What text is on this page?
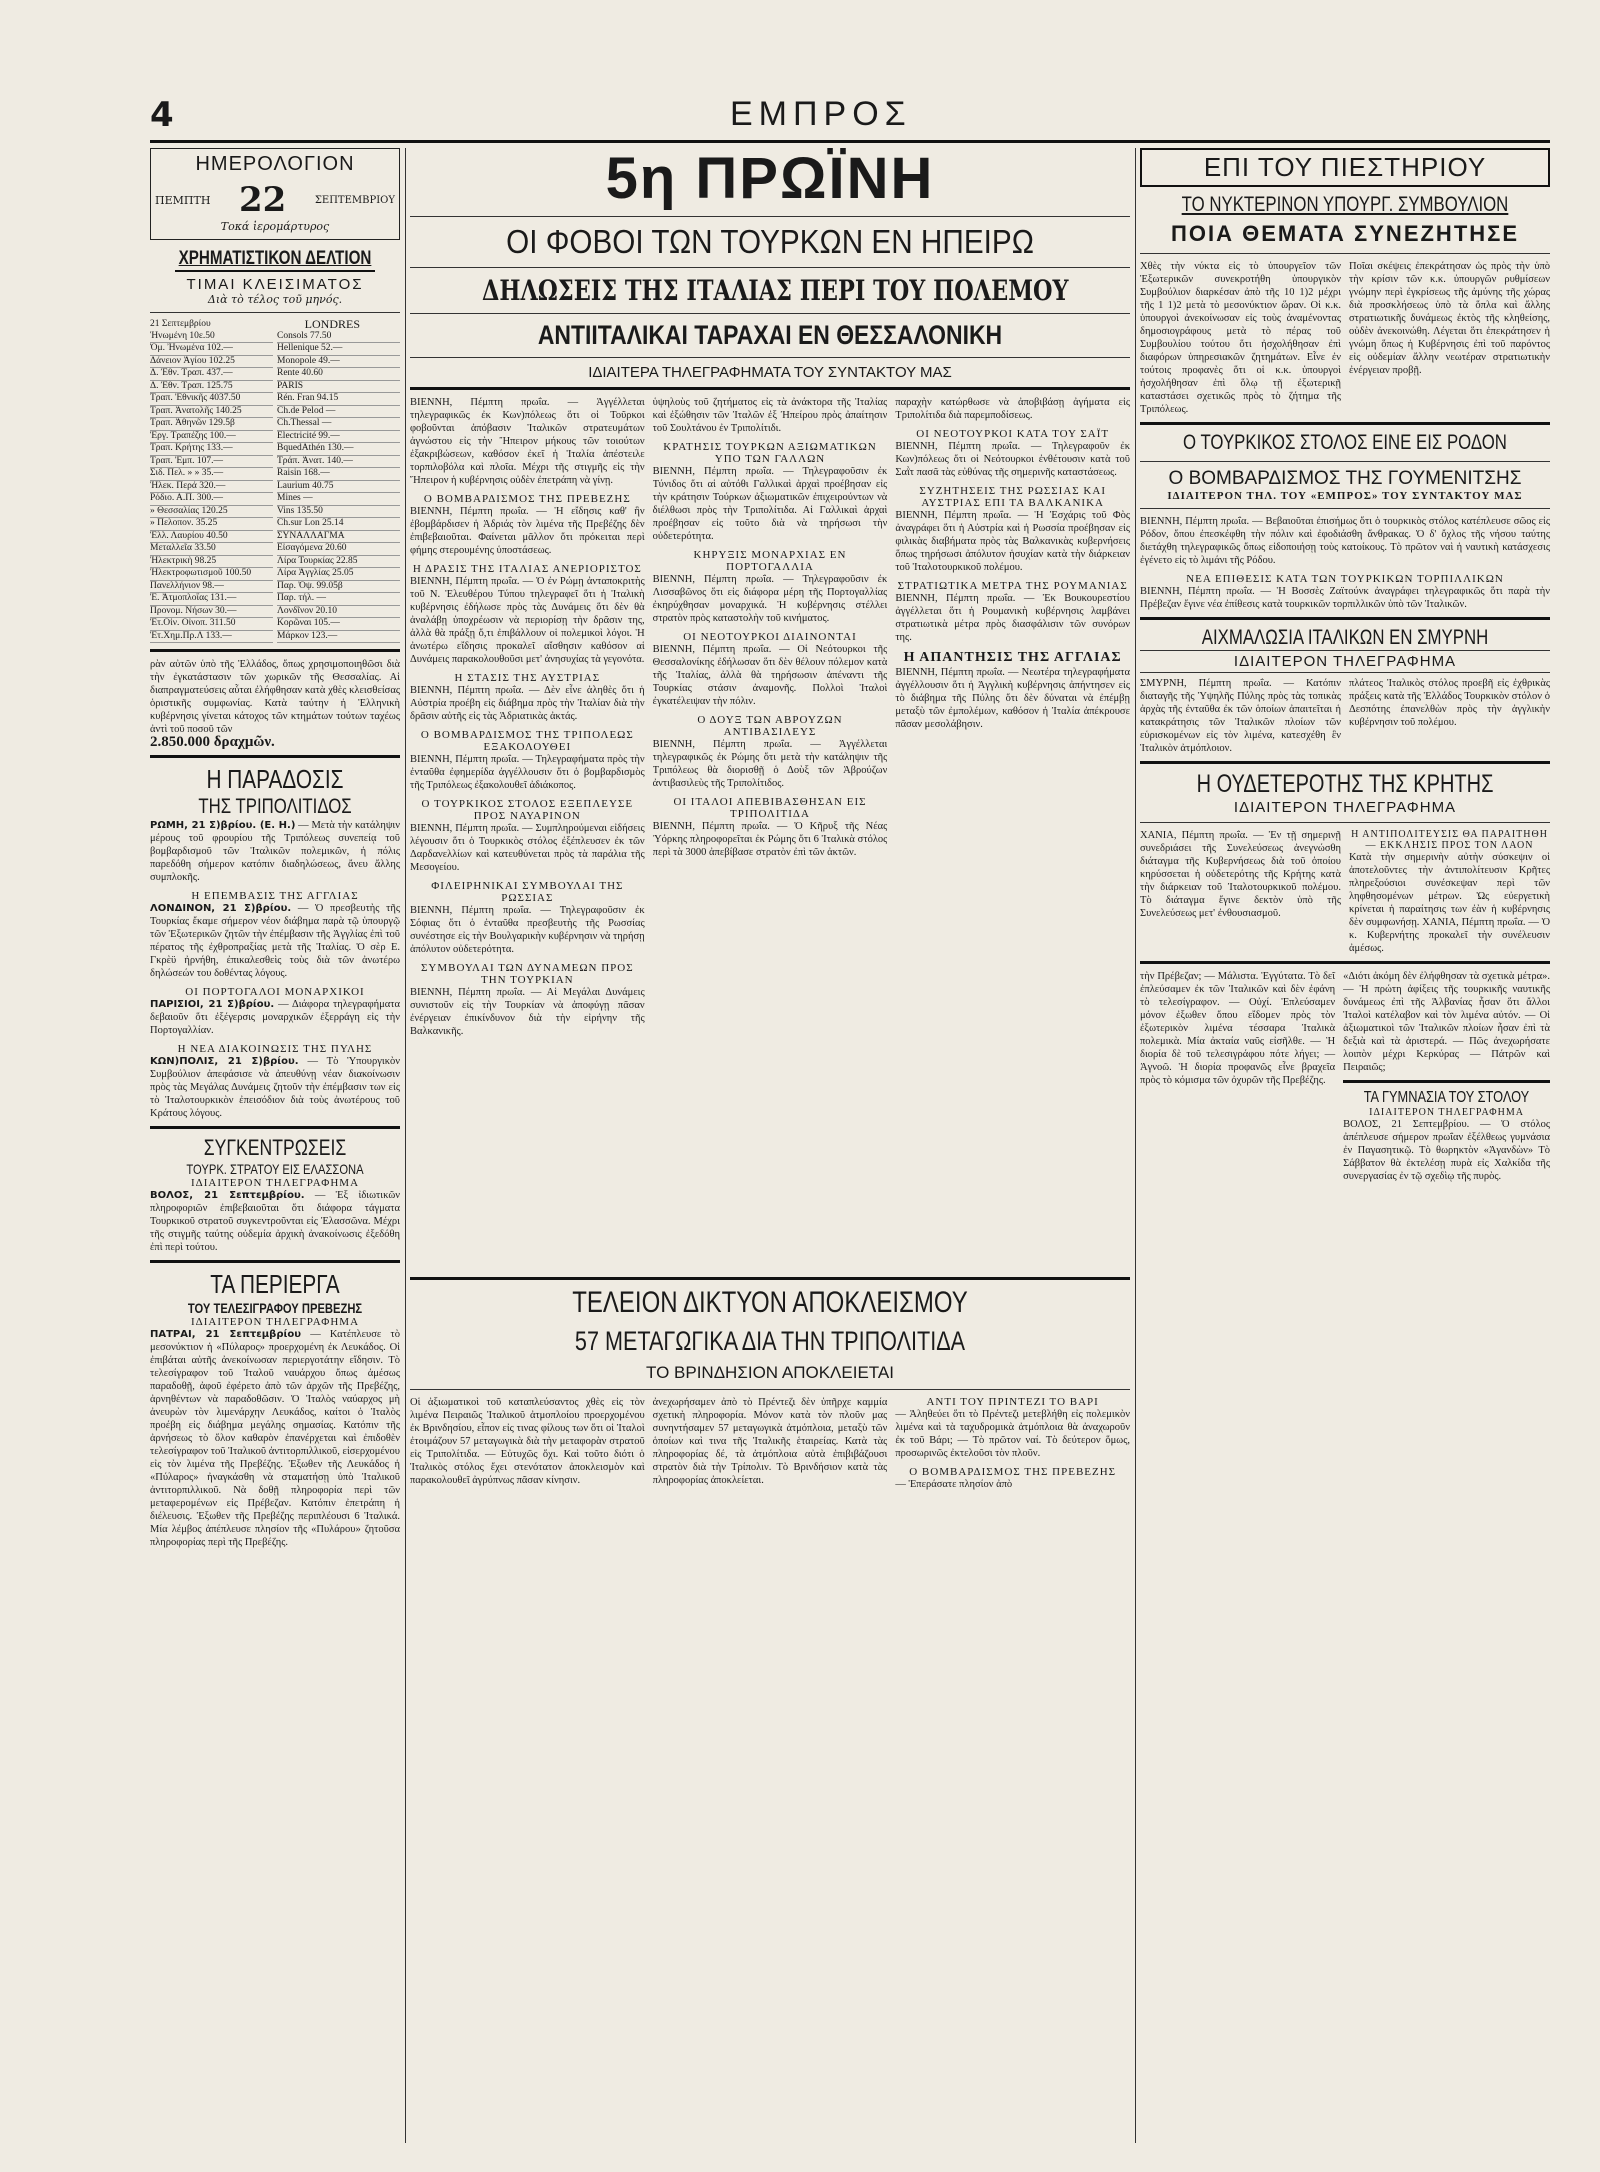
4	ΕΜΠΡΟΣ
ΗΜΕΡΟΛΟΓΙΟΝ
ΠΕΜΠΤΗ 22	ΣΕΠΤΕΜΒΡΙΟΥ
Τοκά ἱερομάρτυρος
ΧΡΗΜΑΤΙΣΤΙΚΟΝ ΔΕΛΤΙΟΝ
ΤΙΜΑΙ ΚΛΕΙΣΙΜΑΤΟΣ
Διὰ τὸ τέλος τοῦ μηνός.
21 Σεπτεμβρίου	LONDRES
Ἡνωμένη 10ε.50	Consols 77.50
Ὁμ. Ἠνωμένα 102.—	Hellenique 52.—
Δάνειον Ἀγίου 102.25	Monopole 49.—
Δ. Ἐθν. Τραπ. 437.—	Rente 40.60
Δ. Ἐθν. Τραπ. 125.75	PARIS
Τραπ. Ἐθνικῆς 4037.50	Rén. Fran 94.15
Τραπ. Ἀνατολῆς 140.25	Ch.de Pelod —
Τραπ. Ἀθηνῶν 129.5β	Ch.Thessal —
Ἐργ. Τραπέζης 100.—	Electricité 99.—
Τραπ. Κρήτης 133.—	BquedAthén 130.—
Τραπ. Ἐμπ. 107.—	Τράπ. Ἀνατ. 140.—
Σιδ. Πελ. » » 35.—	Raisin 168.—
Ἡλεκ. Περά 320.—	Laurium 40.75
Ρόδιο. Α.Π. 300.—	Mines —
» Θεσσαλίας 120.25	Vins 135.50
» Πελοπον. 35.25	Ch.sur Lon 25.14
Ἑλλ. Λαυρίου 40.50	ΣΥΝΑΛΛΑΓΜΑ
Μεταλλεῖα 33.50	Εἰσαγόμενα 20.60
Ἠλεκτρικὴ 98.25	Λίρα Τουρκίας 22.85
Ἠλεκτροφωτισμοῦ 100.50	Λίρα Ἀγγλίας 25.05
Πανελλήνιον 98.—	Παρ. Ὀψ. 99.05β
Ἐ. Ἀτμοπλοΐας 131.—	Παρ. τήλ. —
Προνομ. Νήσων 30.—	Λονδῖνον 20.10
Ἐτ.Οἰν. Οἰνοπ. 311.50	Κορῶναι 105.—
Ἐτ.Χημ.Πρ.Λ 133.—	Μάρκον 123.—

ρὰν αὐτῶν ὑπὸ τῆς Ἑλλάδος, ὅπως χρησιμοποιηθῶσι διὰ τὴν ἐγκατάστασιν τῶν χωρικῶν τῆς Θεσσαλίας. Αἱ διαπραγματεύσεις αὗται ἐλήφθησαν κατὰ χθὲς κλεισθείσας ὁριστικῆς συμφωνίας. Κατὰ ταύτην ἡ Ἑλληνικὴ κυβέρνησις γίνεται κάτοχος τῶν κτημάτων τούτων ταχέως ἀντὶ τοῦ ποσοῦ τῶν

2.850.000 δραχμῶν.

Η ΠΑΡΑΔΟΣΙΣ
ΤΗΣ ΤΡΙΠΟΛΙΤΙΔΟΣ

ΡΩΜΗ, 21 Σ)βρίου. (Ε. Η.) — Μετὰ τὴν κατάληψιν μέρους τοῦ φρουρίου τῆς Τριπόλεως συνεπείᾳ τοῦ βομβαρδισμοῦ τῶν Ἰταλικῶν πολεμικῶν, ἡ πόλις παρεδόθη σήμερον κατόπιν διαδηλώσεως, ἄνευ ἄλλης συμπλοκῆς.

Η ΕΠΕΜΒΑΣΙΣ ΤΗΣ ΑΓΓΛΙΑΣ

ΛΟΝΔΙΝΟΝ, 21 Σ)βρίου. — Ὁ πρεσβευτὴς τῆς Τουρκίας ἔκαμε σήμερον νέον διάβημα παρὰ τῷ ὑπουργῷ τῶν Ἐξωτερικῶν ζητῶν τὴν ἐπέμβασιν τῆς Ἀγγλίας ἐπὶ τοῦ πέρατος τῆς ἐχθροπραξίας μετὰ τῆς Ἰταλίας. Ὁ σὲρ Ε. Γκρὲϋ ἠρνήθη, ἐπικαλεσθεὶς τοὺς διὰ τῶν ἀνωτέρω δηλώσεών του δοθέντας λόγους.

ΟΙ ΠΟΡΤΟΓΑΛΟΙ ΜΟΝΑΡΧΙΚΟΙ

ΠΑΡΙΣΙΟΙ, 21 Σ)βρίου. — Διάφορα τηλεγραφήματα δεβαιοῦν ὅτι ἐξέγερσις μοναρχικῶν ἐξερράγη εἰς τὴν Πορτογαλλίαν.

Η ΝΕΑ ΔΙΑΚΟΙΝΩΣΙΣ ΤΗΣ ΠΥΛΗΣ

ΚΩΝ)ΠΟΛΙΣ, 21 Σ)βρίου. — Τὸ Ὑπουργικὸν Συμβούλιον ἀπεφάσισε νὰ ἀπευθύνῃ νέαν διακοίνωσιν πρὸς τὰς Μεγάλας Δυνάμεις ζητοῦν τὴν ἐπέμβασιν των εἰς τὸ Ἰταλοτουρκικὸν ἐπεισόδιον διὰ τοὺς ἀνωτέρους τοῦ Κράτους λόγους.

ΣΥΓΚΕΝΤΡΩΣΕΙΣ
ΤΟΥΡΚ. ΣΤΡΑΤΟΥ ΕΙΣ ΕΛΑΣΣΟΝΑ
ΙΔΙΑΙΤΕΡΟΝ ΤΗΛΕΓΡΑΦΗΜΑ

ΒΟΛΟΣ, 21 Σεπτεμβρίου. — Ἐξ ἰδιωτικῶν πληροφοριῶν ἐπιβεβαιοῦται ὅτι διάφορα τάγματα Τουρκικοῦ στρατοῦ συγκεντροῦνται εἰς Ἐλασσῶνα. Μέχρι τῆς στιγμῆς ταύτης οὐδεμία ἀρχικὴ ἀνακοίνωσις ἐξεδόθη ἐπὶ περὶ τούτου.

ΤΑ ΠΕΡΙΕΡΓΑ
ΤΟΥ ΤΕΛΕΣΙΓΡΑΦΟΥ ΠΡΕΒΕΖΗΣ
ΙΔΙΑΙΤΕΡΟΝ ΤΗΛΕΓΡΑΦΗΜΑ

ΠΑΤΡΑΙ, 21 Σεπτεμβρίου — Κατέπλευσε τὸ μεσονύκτιον ἡ «Πύλαρος» προερχομένη ἐκ Λευκάδος. Οἱ ἐπιβάται αὐτῆς ἀνεκοίνωσαν περιεργοτάτην εἴδησιν. Τὸ τελεσίγραφον τοῦ Ἰταλοῦ ναυάρχου ὅπως ἀμέσως παραδοθῇ, ἀφοῦ ἐφέρετο ἀπὸ τῶν ἀρχῶν τῆς Πρεβέζης, ἀρνηθέντων νὰ παραδοθῶσιν. Ὁ Ἰταλὸς ναύαρχος μὴ ἀνευρὼν τὸν λιμενάρχην Λευκάδος, καίτοι ὁ Ἰταλὸς προέβη εἰς διάβημα μεγάλης σημασίας. Κατόπιν τῆς ἀρνήσεως τὸ ὅλον καθαρὸν ἐπανέρχεται καὶ ἐπιδοθὲν τελεσίγραφον τοῦ Ἰταλικοῦ ἀντιτορπιλλικοῦ, εἰσερχομένου εἰς τὸν λιμένα τῆς Πρεβέζης. Ἐξωθεν τῆς Λευκάδος ἡ «Πύλαρος» ἠναγκάσθη νὰ σταματήσῃ ὑπὸ Ἰταλικοῦ ἀντιτορπιλλικοῦ. Νὰ δοθῇ πληροφορία περὶ τῶν μεταφερομένων εἰς Πρέβεζαν. Κατόπιν ἐπετράπη ἡ διέλευσις. Ἐξωθεν τῆς Πρεβέζης περιπλέουσι 6 Ἰταλικά. Μία λέμβος ἀπέπλευσε πλησίον τῆς «Πυλάρου» ζητοῦσα πληροφορίας περὶ τῆς Πρεβέζης.

5η ΠΡΩΪΝΗ
ΟΙ ΦΟΒΟΙ ΤΩΝ ΤΟΥΡΚΩΝ ΕΝ ΗΠΕΙΡΩ
ΔΗΛΩΣΕΙΣ ΤΗΣ ΙΤΑΛΙΑΣ ΠΕΡΙ ΤΟΥ ΠΟΛΕΜΟΥ
ΑΝΤΙΙΤΑΛΙΚΑΙ ΤΑΡΑΧΑΙ ΕΝ ΘΕΣΣΑΛΟΝΙΚΗ
ΙΔΙΑΙΤΕΡΑ ΤΗΛΕΓΡΑΦΗΜΑΤΑ ΤΟΥ ΣΥΝΤΑΚΤΟΥ ΜΑΣ

ΒΙΕΝΝΗ, Πέμπτη πρωΐα. — Ἀγγέλλεται τηλεγραφικῶς ἐκ Κων)πόλεως ὅτι οἱ Τοῦρκοι φοβοῦνται ἀπόβασιν Ἰταλικῶν στρατευμάτων ἀγνώστου εἰς τὴν Ἤπειρον μήκους τῶν τοιούτων ἐξακριβώσεων, καθόσον ἐκεῖ ἡ Ἰταλία ἀπέστειλε τορπιλοβόλα καὶ πλοῖα. Μέχρι τῆς στιγμῆς εἰς τὴν Ἤπειρον ἡ κυβέρνησις οὐδὲν ἐπετράπη νὰ γίνῃ.

Ο ΒΟΜΒΑΡΔΙΣΜΟΣ ΤΗΣ ΠΡΕΒΕΖΗΣ

ΒΙΕΝΝΗ, Πέμπτη πρωΐα. — Ἡ εἴδησις καθ' ἣν ἐβομβάρδισεν ἡ Ἀδριάς τὸν λιμένα τῆς Πρεβέζης δὲν ἐπιβεβαιοῦται. Φαίνεται μᾶλλον ὅτι πρόκειται περὶ φήμης στερουμένης ὑποστάσεως.

Η ΔΡΑΣΙΣ ΤΗΣ ΙΤΑΛΙΑΣ ΑΝΕΡΙΟΡΙΣΤΟΣ

ΒΙΕΝΝΗ, Πέμπτη πρωΐα. — Ὁ ἐν Ρώμῃ ἀνταποκριτὴς τοῦ Ν. Ἐλευθέρου Τύπου τηλεγραφεῖ ὅτι ἡ Ἰταλικὴ κυβέρνησις ἐδήλωσε πρὸς τὰς Δυνάμεις ὅτι δὲν θὰ ἀναλάβῃ ὑποχρέωσιν νὰ περιορίσῃ τὴν δρᾶσιν της, ἀλλὰ θὰ πράξῃ ὅ,τι ἐπιβάλλουν οἱ πολεμικοὶ λόγοι. Ἡ ἀνωτέρω εἴδησις προκαλεῖ αἴσθησιν καθόσον αἱ Δυνάμεις παρακολουθοῦσι μετ' ἀνησυχίας τὰ γεγονότα.

Η ΣΤΑΣΙΣ ΤΗΣ ΑΥΣΤΡΙΑΣ

ΒΙΕΝΝΗ, Πέμπτη πρωΐα. — Δὲν εἶνε ἀληθὲς ὅτι ἡ Αὐστρία προέβη εἰς διάβημα πρὸς τὴν Ἰταλίαν διὰ τὴν δρᾶσιν αὐτῆς εἰς τὰς Ἀδριατικὰς ἀκτάς.

Ο ΒΟΜΒΑΡΔΙΣΜΟΣ ΤΗΣ ΤΡΙΠΟΛΕΩΣ ΕΞΑΚΟΛΟΥΘΕΙ

ΒΙΕΝΝΗ, Πέμπτη πρωΐα. — Τηλεγραφήματα πρὸς τὴν ἐνταῦθα ἐφημερίδα ἀγγέλλουσιν ὅτι ὁ βομβαρδισμὸς τῆς Τριπόλεως ἐξακολουθεῖ ἀδιάκοπος.

Ο ΤΟΥΡΚΙΚΟΣ ΣΤΟΛΟΣ ΕΞΕΠΛΕΥΣΕ ΠΡΟΣ ΝΑΥΑΡΙΝΟΝ

ΒΙΕΝΝΗ, Πέμπτη πρωΐα. — Συμπληρούμεναι εἰδήσεις λέγουσιν ὅτι ὁ Τουρκικὸς στόλος ἐξέπλευσεν ἐκ τῶν Δαρδανελλίων καὶ κατευθύνεται πρὸς τὰ παράλια τῆς Μεσογείου.

ΦΙΛΕΙΡΗΝΙΚΑΙ ΣΥΜΒΟΥΛΑΙ ΤΗΣ ΡΩΣΣΙΑΣ

ΒΙΕΝΝΗ, Πέμπτη πρωΐα. — Τηλεγραφοῦσιν ἐκ Σόφιας ὅτι ὁ ἐνταῦθα πρεσβευτὴς τῆς Ρωσσίας συνέστησε εἰς τὴν Βουλγαρικὴν κυβέρνησιν νὰ τηρήσῃ ἀπόλυτον οὐδετερότητα.

ΣΥΜΒΟΥΛΑΙ ΤΩΝ ΔΥΝΑΜΕΩΝ ΠΡΟΣ ΤΗΝ ΤΟΥΡΚΙΑΝ

ΒΙΕΝΝΗ, Πέμπτη πρωΐα. — Αἱ Μεγάλαι Δυνάμεις συνιστοῦν εἰς τὴν Τουρκίαν νὰ ἀποφύγῃ πᾶσαν ἐνέργειαν ἐπικίνδυνον διὰ τὴν εἰρήνην τῆς Βαλκανικῆς.

ὑψηλοὺς τοῦ ζητήματος εἰς τὰ ἀνάκτορα τῆς Ἰταλίας καὶ ἐξώθησιν τῶν Ἰταλῶν ἐξ Ἠπείρου πρὸς ἀπαίτησιν τοῦ Σουλτάνου ἐν Τριπολίτιδι.

ΚΡΑΤΗΣΙΣ ΤΟΥΡΚΩΝ ΑΞΙΩΜΑΤΙΚΩΝ ΥΠΟ ΤΩΝ ΓΑΛΛΩΝ

ΒΙΕΝΝΗ, Πέμπτη πρωΐα. — Τηλεγραφοῦσιν ἐκ Τύνιδος ὅτι αἱ αὐτόθι Γαλλικαὶ ἀρχαὶ προέβησαν εἰς τὴν κράτησιν Τούρκων ἀξιωματικῶν ἐπιχειρούντων νὰ διέλθωσι πρὸς τὴν Τριπολίτιδα. Αἱ Γαλλικαὶ ἀρχαὶ προέβησαν εἰς τοῦτο διὰ νὰ τηρήσωσι τὴν οὐδετερότητα.

ΚΗΡΥΞΙΣ ΜΟΝΑΡΧΙΑΣ ΕΝ ΠΟΡΤΟΓΑΛΛΙΑ

ΒΙΕΝΝΗ, Πέμπτη πρωΐα. — Τηλεγραφοῦσιν ἐκ Λισσαβῶνος ὅτι εἰς διάφορα μέρη τῆς Πορτογαλλίας ἐκηρύχθησαν μοναρχικά. Ἡ κυβέρνησις στέλλει στρατὸν πρὸς καταστολὴν τοῦ κινήματος.

ΟΙ ΝΕΟΤΟΥΡΚΟΙ ΔΙΑΙΝΟΝΤΑΙ

ΒΙΕΝΝΗ, Πέμπτη πρωΐα. — Οἱ Νεότουρκοι τῆς Θεσσαλονίκης ἐδήλωσαν ὅτι δὲν θέλουν πόλεμον κατὰ τῆς Ἰταλίας, ἀλλὰ θὰ τηρήσωσιν ἀπέναντι τῆς Τουρκίας στάσιν ἀναμονῆς. Πολλοὶ Ἰταλοὶ ἐγκατέλειψαν τὴν πόλιν.

Ο ΔΟΥΞ ΤΩΝ ΑΒΡΟΥΖΩΝ ΑΝΤΙΒΑΣΙΛΕΥΣ

ΒΙΕΝΝΗ, Πέμπτη πρωΐα. — Ἀγγέλλεται τηλεγραφικῶς ἐκ Ρώμης ὅτι μετὰ τὴν κατάληψιν τῆς Τριπόλεως θὰ διορισθῇ ὁ Δοὺξ τῶν Ἀβρούζων ἀντιβασιλεὺς τῆς Τριπολίτιδος.

ΟΙ ΙΤΑΛΟΙ ΑΠΕΒΙΒΑΣΘΗΣΑΝ ΕΙΣ ΤΡΙΠΟΛΙΤΙΔΑ

ΒΙΕΝΝΗ, Πέμπτη πρωΐα. — Ὁ Κῆρυξ τῆς Νέας Ὑόρκης πληροφορεῖται ἐκ Ρώμης ὅτι 6 Ἰταλικὰ στόλος περὶ τὰ 3000 ἀπεβίβασε στρατὸν ἐπὶ τῶν ἀκτῶν.

παραχὴν κατώρθωσε νὰ ἀποβιβάσῃ ἀγήματα εἰς Τριπολίτιδα διὰ παρεμποδίσεως.

ΟΙ ΝΕΟΤΟΥΡΚΟΙ ΚΑΤΑ ΤΟΥ ΣΑΪΤ

ΒΙΕΝΝΗ, Πέμπτη πρωΐα. — Τηλεγραφοῦν ἐκ Κων)πόλεως ὅτι οἱ Νεότουρκοι ἐνθέτουσιν κατὰ τοῦ Σαῒτ πασᾶ τὰς εὐθύνας τῆς σημερινῆς καταστάσεως.

ΣΥΖΗΤΗΣΕΙΣ ΤΗΣ ΡΩΣΣΙΑΣ ΚΑΙ ΑΥΣΤΡΙΑΣ ΕΠΙ ΤΑ ΒΑΛΚΑΝΙΚΑ

ΒΙΕΝΝΗ, Πέμπτη πρωΐα. — Ἡ Ἐσχάρις τοῦ Φὸς ἀναγράφει ὅτι ἡ Αὐστρία καὶ ἡ Ρωσσία προέβησαν εἰς φιλικὰς διαβήματα πρὸς τὰς Βαλκανικὰς κυβερνήσεις ὅπως τηρήσωσι ἀπόλυτον ἡσυχίαν κατὰ τὴν διάρκειαν τοῦ Ἰταλοτουρκικοῦ πολέμου.

ΣΤΡΑΤΙΩΤΙΚΑ ΜΕΤΡΑ ΤΗΣ ΡΟΥΜΑΝΙΑΣ

ΒΙΕΝΝΗ, Πέμπτη πρωΐα. — Ἐκ Βουκουρεστίου ἀγγέλλεται ὅτι ἡ Ρουμανικὴ κυβέρνησις λαμβάνει στρατιωτικὰ μέτρα πρὸς διασφάλισιν τῶν συνόρων της.

Η ΑΠΑΝΤΗΣΙΣ ΤΗΣ ΑΓΓΛΙΑΣ

ΒΙΕΝΝΗ, Πέμπτη πρωΐα. — Νεωτέρα τηλεγραφήματα ἀγγέλλουσιν ὅτι ἡ Ἀγγλικὴ κυβέρνησις ἀπήντησεν εἰς τὸ διάβημα τῆς Πύλης ὅτι δὲν δύναται νὰ ἐπέμβῃ μεταξὺ τῶν ἐμπολέμων, καθόσον ἡ Ἰταλία ἀπέκρουσε πᾶσαν μεσολάβησιν.

ΤΕΛΕΙΟΝ ΔΙΚΤΥΟΝ ΑΠΟΚΛΕΙΣΜΟΥ
57 ΜΕΤΑΓΩΓΙΚΑ ΔΙΑ ΤΗΝ ΤΡΙΠΟΛΙΤΙΔΑ
ΤΟ ΒΡΙΝΔΗΣΙΟΝ ΑΠΟΚΛΕΙΕΤΑΙ

Οἱ ἀξιωματικοὶ τοῦ καταπλεύσαντος χθὲς εἰς τὸν λιμένα Πειραιῶς Ἰταλικοῦ ἀτμοπλοίου προερχομένου ἐκ Βρινδησίου, εἶπον εἰς τινας φίλους των ὅτι οἱ Ἰταλοὶ ἐτοιμάζουν 57 μεταγωγικὰ διὰ τὴν μεταφορὰν στρατοῦ εἰς Τριπολίτιδα. — Εὐτυχῶς ὅχι. Καὶ τοῦτο διότι ὁ Ἰταλικὸς στόλος ἔχει στενότατον ἀποκλεισμὸν καὶ παρακολουθεῖ ἀγρύπνως πᾶσαν κίνησιν.

ἀνεχωρήσαμεν ἀπὸ τὸ Πρέντεζι δὲν ὑπῆρχε καμμία σχετικὴ πληροφορία. Μόνον κατὰ τὸν πλοῦν μας συνηντήσαμεν 57 μεταγωγικὰ ἀτμόπλοια, μεταξὺ τῶν ὁποίων καὶ τινα τῆς Ἰταλικῆς ἑταιρείας. Κατὰ τὰς πληροφορίας δέ, τὰ ἀτμόπλοια αὐτὰ ἐπιβιβάζουσι στρατὸν διὰ τὴν Τρίπολιν. Τὸ Βρινδήσιον κατὰ τὰς πληροφορίας ἀποκλείεται.

ΑΝΤΙ ΤΟΥ ΠΡΙΝΤΕΖΙ ΤΟ ΒΑΡΙ

— Ἀληθεύει ὅτι τὸ Πρέντεζι μετεβλήθη εἰς πολεμικὸν λιμένα καὶ τὰ ταχυδρομικὰ ἀτμόπλοια θὰ ἀναχωροῦν ἐκ τοῦ Βάρι; — Τὸ πρῶτον ναί. Τὸ δεύτερον ὅμως, προσωρινῶς ἐκτελοῦσι τὸν πλοῦν.

Ο ΒΟΜΒΑΡΔΙΣΜΟΣ ΤΗΣ ΠΡΕΒΕΖΗΣ

— Ἐπεράσατε πλησίον ἀπὸ

ΕΠΙ ΤΟΥ ΠΙΕΣΤΗΡΙΟΥ
ΤΟ ΝΥΚΤΕΡΙΝΟΝ ΥΠΟΥΡΓ. ΣΥΜΒΟΥΛΙΟΝ
ΠΟΙΑ ΘΕΜΑΤΑ ΣΥΝΕΖΗΤΗΣΕ

Χθὲς τὴν νύκτα εἰς τὸ ὑπουργεῖον τῶν Ἐξωτερικῶν συνεκροτήθη ὑπουργικὸν Συμβούλιον διαρκέσαν ἀπὸ τῆς 10 1)2 μέχρι τῆς 1 1)2 μετὰ τὸ μεσονύκτιον ὥραν. Οἱ κ.κ. ὑπουργοὶ ἀνεκοίνωσαν εἰς τοὺς ἀναμένοντας δημοσιογράφους μετὰ τὸ πέρας τοῦ Συμβουλίου τούτου ὅτι ἠσχολήθησαν ἐπὶ διαφόρων ὑπηρεσιακῶν ζητημάτων. Εἶνε ἐν τούτοις προφανὲς ὅτι οἱ κ.κ. ὑπουργοὶ ἠσχολήθησαν ἐπὶ ὅλῳ τῇ ἐξωτερικῇ καταστάσει σχετικῶς πρὸς τὸ ζήτημα τῆς Τριπόλεως.

Ποῖαι σκέψεις ἐπεκράτησαν ὡς πρὸς τὴν ὑπὸ τὴν κρίσιν τῶν κ.κ. ὑπουργῶν ρυθμίσεων γνώμην περὶ ἐγκρίσεως τῆς ἀμύνης τῆς χώρας διὰ προσκλήσεως ὑπὸ τὰ ὅπλα καὶ ἄλλης στρατιωτικῆς δυνάμεως ἐκτὸς τῆς κληθείσης, οὐδὲν ἀνεκοινώθη. Λέγεται ὅτι ἐπεκράτησεν ἡ γνώμη ὅπως ἡ Κυβέρνησις ἐπὶ τοῦ παρόντος εἰς οὐδεμίαν ἄλλην νεωτέραν στρατιωτικὴν ἐνέργειαν προβῇ.

Ο ΤΟΥΡΚΙΚΟΣ ΣΤΟΛΟΣ ΕΙΝΕ ΕΙΣ ΡΟΔΟΝ
Ο ΒΟΜΒΑΡΔΙΣΜΟΣ ΤΗΣ ΓΟΥΜΕΝΙΤΣΗΣ
ΙΔΙΑΙΤΕΡΟΝ ΤΗΛ. ΤΟΥ «ΕΜΠΡΟΣ» ΤΟΥ ΣΥΝΤΑΚΤΟΥ ΜΑΣ

ΒΙΕΝΝΗ, Πέμπτη πρωΐα. — Βεβαιοῦται ἐπισήμως ὅτι ὁ τουρκικὸς στόλος κατέπλευσε σῶος εἰς Ρόδον, ὅπου ἐπεσκέφθη τὴν πόλιν καὶ ἐφοδιάσθη ἄνθρακας. Ὁ δ' ὄχλος τῆς νήσου ταύτης διετάχθη τηλεγραφικῶς ὅπως εἰδοποιήσῃ τοὺς κατοίκους. Τὸ πρῶτον ναὶ ἡ ναυτικὴ κατάσχεσις ἐγένετο εἰς τὸ λιμάνι τῆς Ρόδου.

ΝΕΑ ΕΠΙΘΕΣΙΣ ΚΑΤΑ ΤΩΝ ΤΟΥΡΚΙΚΩΝ ΤΟΡΠΙΛΛΙΚΩΝ

ΒΙΕΝΝΗ, Πέμπτη πρωΐα. — Ἡ Βοσσὲς Ζαϊτούνκ ἀναγράφει τηλεγραφικῶς ὅτι παρὰ τὴν Πρέβεζαν ἔγινε νέα ἐπίθεσις κατὰ τουρκικῶν τορπιλλικῶν ὑπὸ τῶν Ἰταλικῶν.

ΑΙΧΜΑΛΩΣΙΑ ΙΤΑΛΙΚΩΝ ΕΝ ΣΜΥΡΝΗ
ΙΔΙΑΙΤΕΡΟΝ ΤΗΛΕΓΡΑΦΗΜΑ

ΣΜΥΡΝΗ, Πέμπτη πρωΐα. — Κατόπιν διαταγῆς τῆς Ὑψηλῆς Πύλης πρὸς τὰς τοπικὰς ἀρχὰς τῆς ἐνταῦθα ἐκ τῶν ὁποίων ἀπαιτεῖται ἡ κατακράτησις τῶν Ἰταλικῶν πλοίων τῶν εὑρισκομένων εἰς τὸν λιμένα, κατεσχέθη ἓν Ἰταλικὸν ἀτμόπλοιον.

πλάτεος Ἰταλικὸς στόλος προεβῆ εἰς ἐχθρικὰς πράξεις κατὰ τῆς Ἑλλάδος Τουρκικὸν στόλον ὁ Δεσπότης ἐπανελθὼν πρὸς τὴν ἀγγλικὴν κυβέρνησιν τοῦ πολέμου.

Η ΟΥΔΕΤΕΡΟΤΗΣ ΤΗΣ ΚΡΗΤΗΣ
ΙΔΙΑΙΤΕΡΟΝ ΤΗΛΕΓΡΑΦΗΜΑ

ΧΑΝΙΑ, Πέμπτη πρωΐα. — Ἐν τῇ σημερινῇ συνεδριάσει τῆς Συνελεύσεως ἀνεγνώσθη διάταγμα τῆς Κυβερνήσεως διὰ τοῦ ὁποίου κηρύσσεται ἡ οὐδετερότης τῆς Κρήτης κατὰ τὴν διάρκειαν τοῦ Ἰταλοτουρκικοῦ πολέμου. Τὸ διάταγμα ἔγινε δεκτὸν ὑπὸ τῆς Συνελεύσεως μετ' ἐνθουσιασμοῦ.

Η ΑΝΤΙΠΟΛΙΤΕΥΣΙΣ ΘΑ ΠΑΡΑΙΤΗΘΗ — ΕΚΚΛΗΣΙΣ ΠΡΟΣ ΤΟΝ ΛΑΟΝ

Κατὰ τὴν σημερινὴν αὐτὴν σύσκεψιν οἱ ἀποτελοῦντες τὴν ἀντιπολίτευσιν Κρῆτες πληρεξούσιοι συνέσκεψαν περὶ τῶν ληφθησομένων μέτρων. Ὡς εὐεργετικὴ κρίνεται ἡ παραίτησις των ἐὰν ἡ κυβέρνησις δὲν συμφωνήσῃ. ΧΑΝΙΑ, Πέμπτη πρωΐα. — Ὁ κ. Κυβερνήτης προκαλεῖ τὴν συνέλευσιν ἀμέσως.

τὴν Πρέβεζαν; — Μάλιστα. Ἐγγύτατα. Τὸ δεῖ ἐπλεύσαμεν ἐκ τῶν Ἰταλικῶν καὶ δὲν ἐφάνη τὸ τελεσίγραφον. — Οὐχί. Ἐπλεύσαμεν μόνον ἐξωθεν ὅπου εἴδομεν πρὸς τὸν ἐξωτερικὸν λιμένα τέσσαρα Ἰταλικὰ πολεμικὰ. Μία ἀκταία ναῦς εἰσῆλθε. — Ἡ διορία δὲ τοῦ τελεσιγράφου πότε λήγει; — Ἀγνοῶ. Ἡ διορία προφανῶς εἶνε βραχεῖα πρὸς τὸ κόμισμα τῶν ὀχυρῶν τῆς Πρεβέζης.

«Διότι ἀκόμη δὲν ἐλήφθησαν τὰ σχετικὰ μέτρα». — Ἡ πρώτη ἀφίξεις τῆς τουρκικῆς ναυτικῆς δυνάμεως ἐπὶ τῆς Ἀλβανίας ἦσαν ὅτι ἄλλοι Ἰταλοὶ κατέλαβον καὶ τὸν λιμένα αὐτόν. — Οἱ ἀξιωματικοὶ τῶν Ἰταλικῶν πλοίων ἦσαν ἐπὶ τὰ δεξιὰ καὶ τὰ ἀριστερά. — Πῶς ἀνεχωρήσατε λοιπὸν μέχρι Κερκύρας — Πάτρῶν καὶ Πειραιῶς;

ΤΑ ΓΥΜΝΑΣΙΑ ΤΟΥ ΣΤΟΛΟΥ
ΙΔΙΑΙΤΕΡΟΝ ΤΗΛΕΓΡΑΦΗΜΑ

ΒΟΛΟΣ, 21 Σεπτεμβρίου. — Ὁ στόλος ἀπέπλευσε σήμερον πρωΐαν ἐξέλθεως γυμνάσια ἐν Παγασητικῷ. Τὸ θωρηκτὸν «Ἀγανδὼν» Τὸ Σάββατον θὰ ἐκτελέσῃ πυρὰ εἰς Χαλκίδα τῆς συνεργασίας ἐν τῷ σχεδὶῳ τῆς πυρὸς.
